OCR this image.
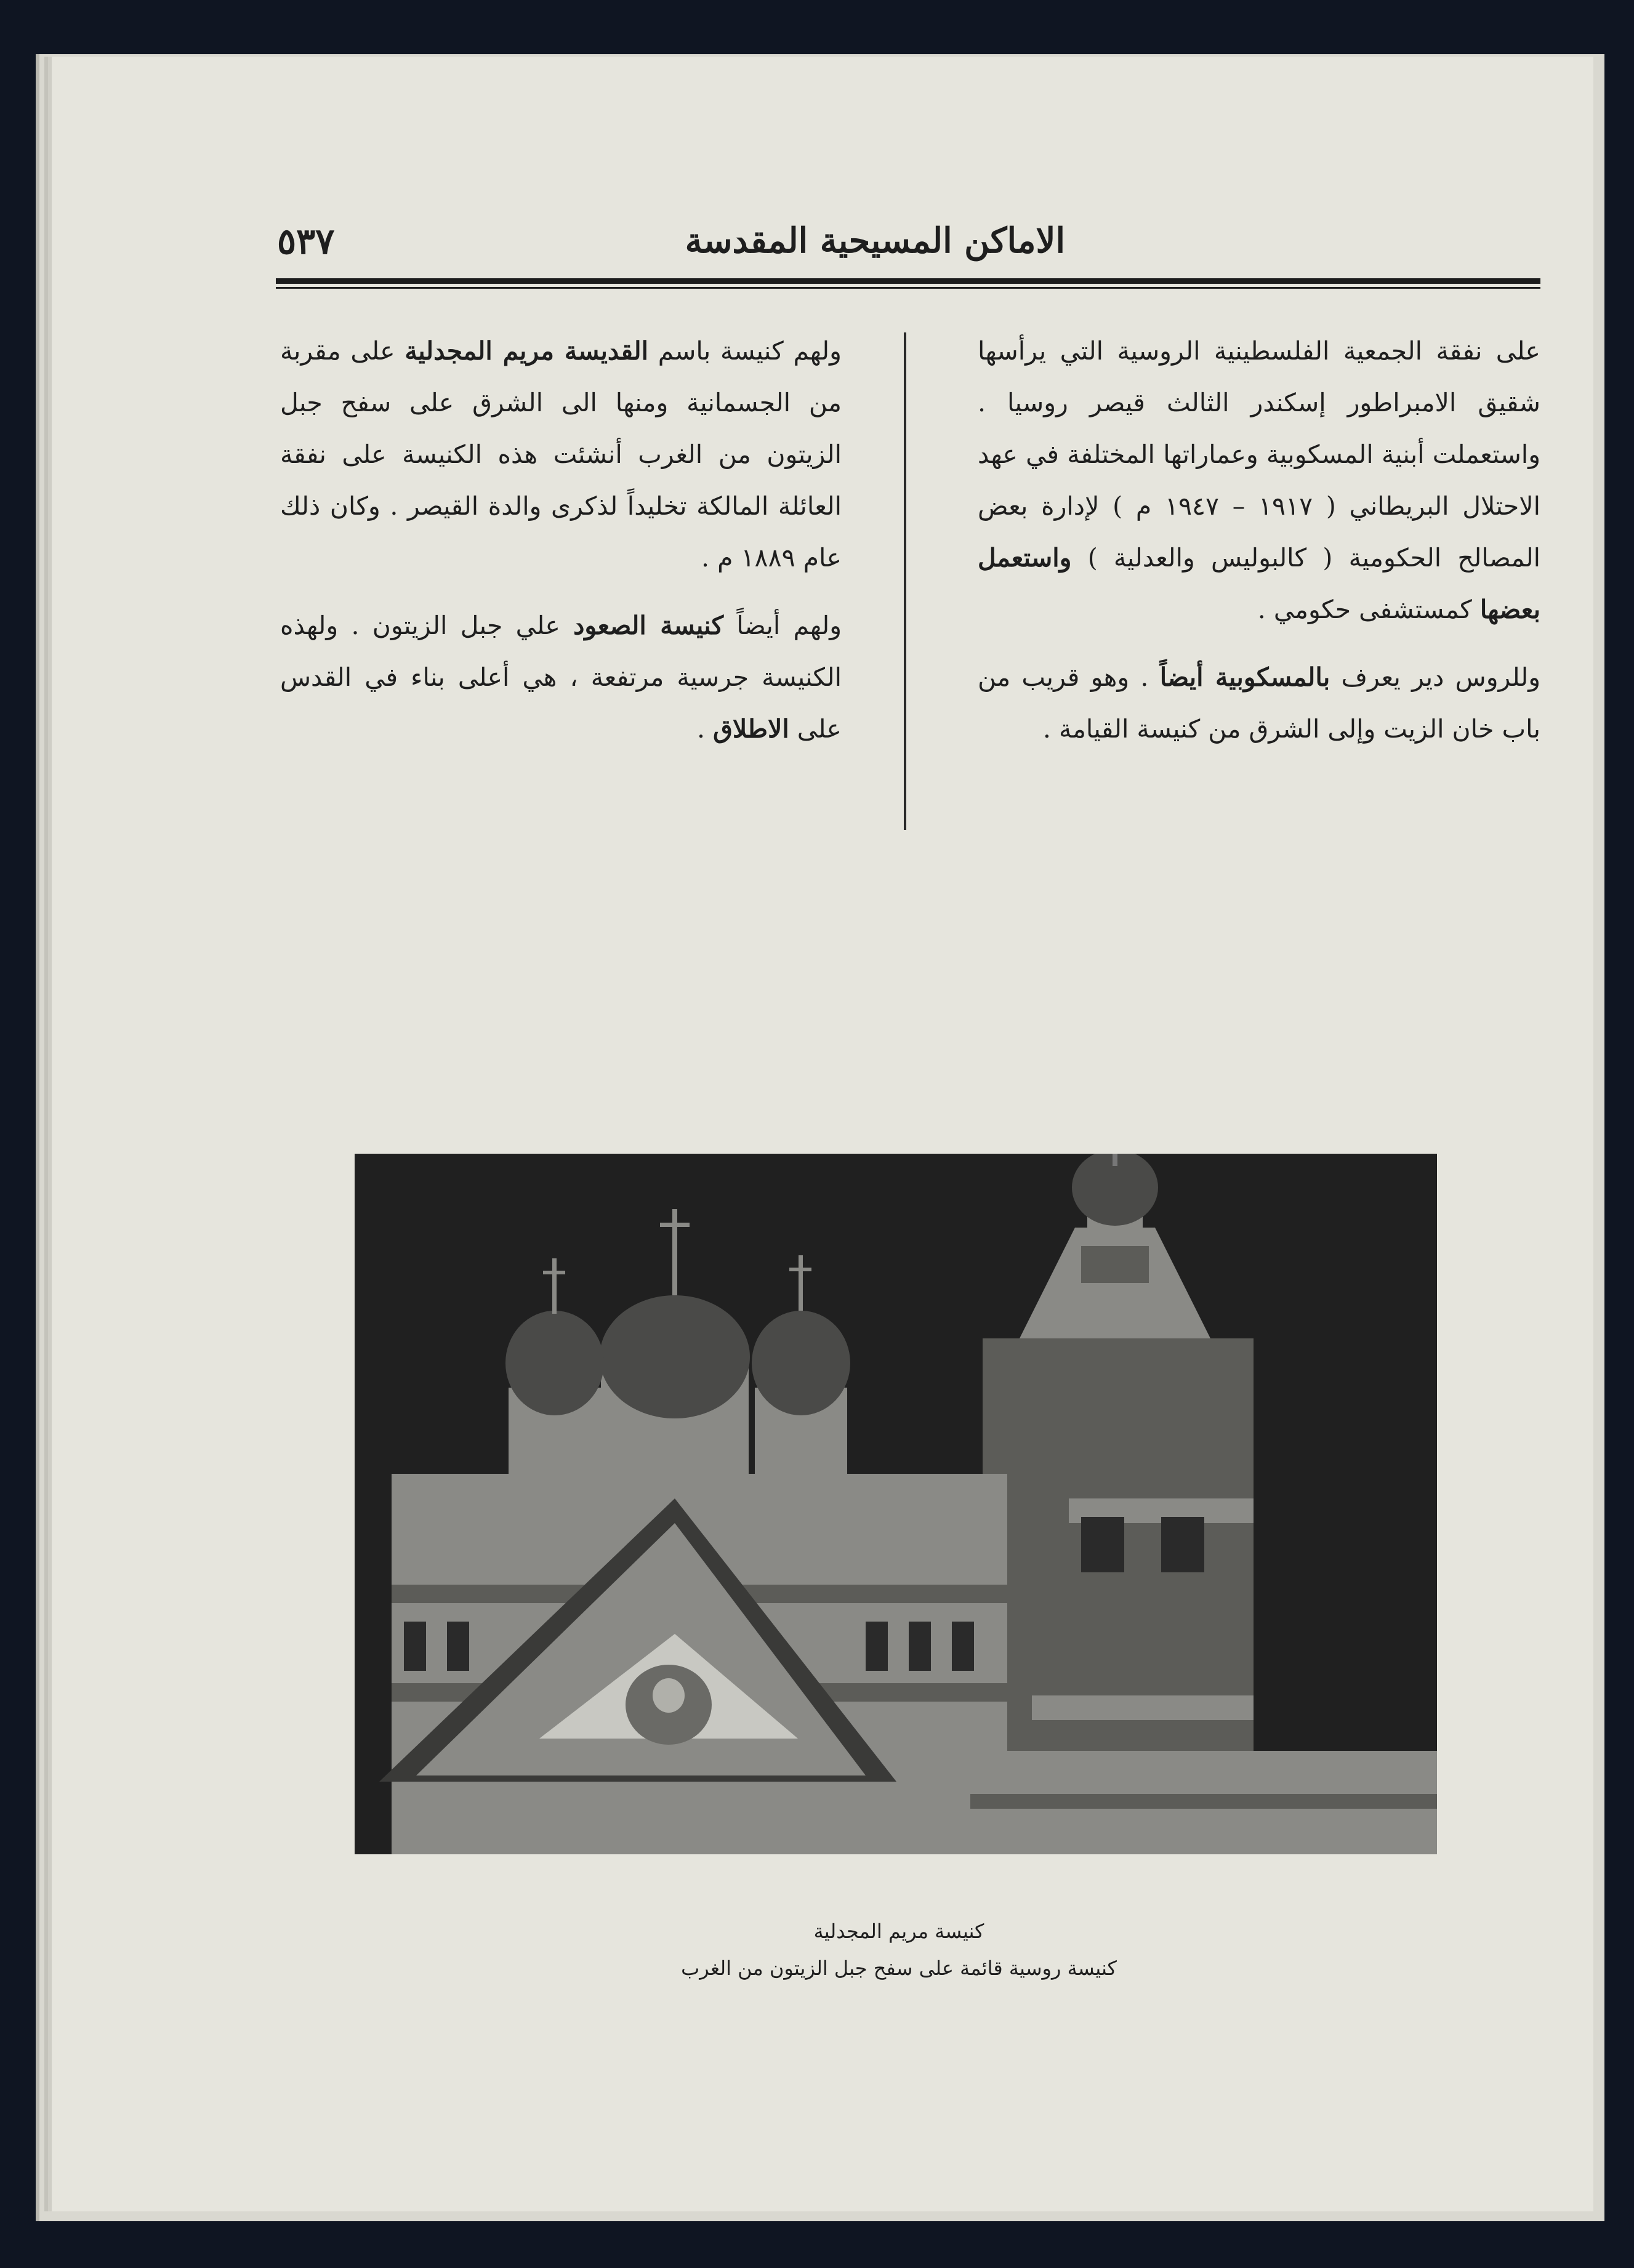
الاماكن المسيحية المقدسة
٥٣٧

على نفقة الجمعية الفلسطينية الروسية التي يرأسها شقيق الامبراطور إسكندر الثالث قيصر روسيا . واستعملت أبنية المسكوبية وعماراتها المختلفة في عهد الاحتلال البريطاني ( ١٩١٧ – ١٩٤٧ م ) لإدارة بعض المصالح الحكومية ( كالبوليس والعدلية ) واستعمل بعضها كمستشفى حكومي .

وللروس دير يعرف بالمسكوبية أيضاً . وهو قريب من باب خان الزيت وإلى الشرق من كنيسة القيامة .

ولهم كنيسة باسم القديسة مريم المجدلية على مقربة من الجسمانية ومنها الى الشرق على سفح جبل الزيتون من الغرب أنشئت هذه الكنيسة على نفقة العائلة المالكة تخليداً لذكرى والدة القيصر . وكان ذلك عام ١٨٨٩ م .

ولهم أيضاً كنيسة الصعود علي جبل الزيتون . ولهذه الكنيسة جرسية مرتفعة ، هي أعلى بناء في القدس على الاطلاق .

كنيسة مريم المجدلية
كنيسة روسية قائمة على سفح جبل الزيتون من الغرب
